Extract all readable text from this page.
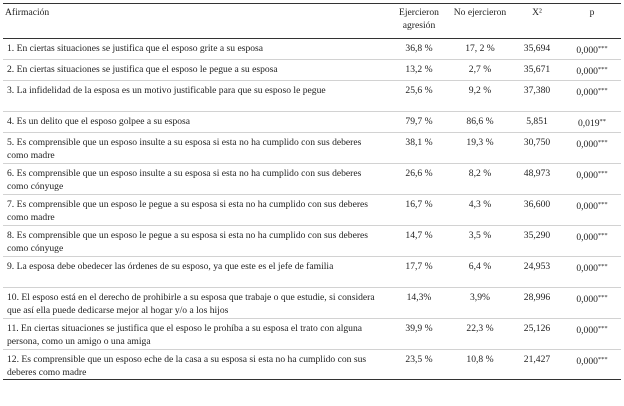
Afirmación	Ejercieron agresión	No ejercieron	X²	p
1. En ciertas situaciones se justifica que el esposo grite a su esposa	36,8 %	17, 2 %	35,694	0,000***
2. En ciertas situaciones se justifica que el esposo le pegue a su esposa	13,2 %	2,7 %	35,671	0,000***
3. La infidelidad de la esposa es un motivo justificable para que su esposo le pegue	25,6 %	9,2 %	37,380	0,000***
4. Es un delito que el esposo golpee a su esposa	79,7 %	86,6 %	5,851	0,019**
5. Es comprensible que un esposo insulte a su esposa si esta no ha cumplido con sus deberes como madre	38,1 %	19,3 %	30,750	0,000***
6. Es comprensible que un esposo insulte a su esposa si esta no ha cumplido con sus deberes como cónyuge	26,6 %	8,2 %	48,973	0,000***
7. Es comprensible que un esposo le pegue a su esposa si esta no ha cumplido con sus deberes como madre	16,7 %	4,3 %	36,600	0,000***
8. Es comprensible que un esposo le pegue a su esposa si esta no ha cumplido con sus deberes como cónyuge	14,7 %	3,5 %	35,290	0,000***
9. La esposa debe obedecer las órdenes de su esposo, ya que este es el jefe de familia	17,7 %	6,4 %	24,953	0,000***
10. El esposo está en el derecho de prohibirle a su esposa que trabaje o que estudie, si considera que así ella puede dedicarse mejor al hogar y/o a los hijos	14,3%	3,9%	28,996	0,000***
11. En ciertas situaciones se justifica que el esposo le prohíba a su esposa el trato con alguna persona, como un amigo o una amiga	39,9 %	22,3 %	25,126	0,000***
12. Es comprensible que un esposo eche de la casa a su esposa si esta no ha cumplido con sus deberes como madre	23,5 %	10,8 %	21,427	0,000***
